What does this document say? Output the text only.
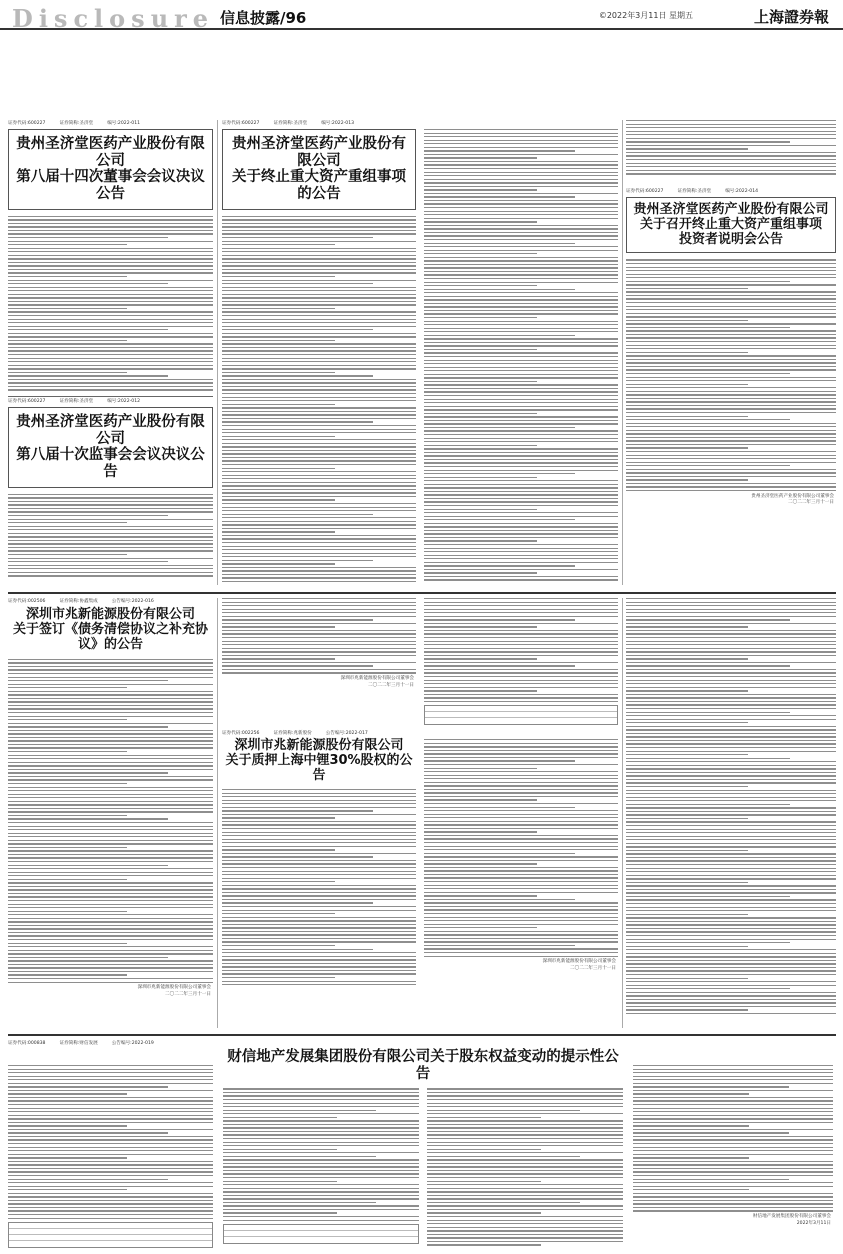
Disclosure 信息披露/96	©2022年3月11日 星期五	上海證券報
证券代码:600227	证券简称:圣济堂	编号:2022-011
贵州圣济堂医药产业股份有限公司
第八届十四次董事会会议决议公告
证券代码:600227	证券简称:圣济堂	编号:2022-012
贵州圣济堂医药产业股份有限公司
第八届十次监事会会议决议公告
证券代码:600227	证券简称:圣济堂	编号:2022-013
贵州圣济堂医药产业股份有限公司
关于终止重大资产重组事项的公告
	证券代码:600227	证券简称:圣济堂	编号:2022-014
贵州圣济堂医药产业股份有限公司
关于召开终止重大资产重组事项
投资者说明会公告
贵州圣济堂医药产业股份有限公司董事会
二〇二二年三月十一日
证券代码:002506	证券简称:协鑫集成	公告编号:2022-016
深圳市兆新能源股份有限公司
关于签订《债务清偿协议之补充协议》的公告
深圳市兆新能源股份有限公司董事会
二〇二二年三月十一日
深圳市兆新能源股份有限公司董事会
二〇二二年三月十一日
证券代码:002256	证券简称:兆新股份	公告编号:2022-017
深圳市兆新能源股份有限公司
关于质押上海中锂30%股权的公告
深圳市兆新能源股份有限公司董事会
二〇二二年三月十一日
证券代码:000838	证券简称:财信发展	公告编号:2022-019
财信地产发展集团股份有限公司关于股东权益变动的提示性公告
财信地产发展集团股份有限公司董事会
2022年3月11日
